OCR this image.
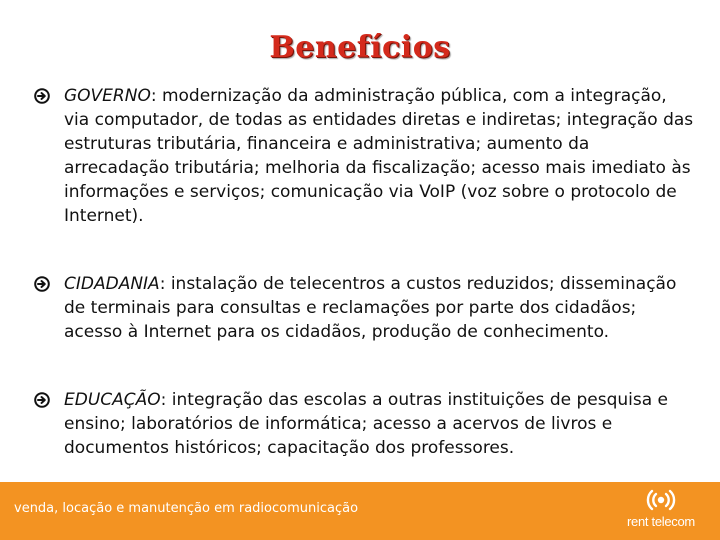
Benefícios
GOVERNO: modernização da administração pública, com a integração, via computador, de todas as entidades diretas e indiretas; integração das estruturas tributária, financeira e administrativa; aumento da arrecadação tributária; melhoria da fiscalização; acesso mais imediato às informações e serviços; comunicação via VoIP (voz sobre o protocolo de Internet).
CIDADANIA: instalação de telecentros a custos reduzidos; disseminação de terminais para consultas e reclamações por parte dos cidadãos; acesso à Internet para os cidadãos, produção de conhecimento.
EDUCAÇÃO: integração das escolas a outras instituições de pesquisa e ensino; laboratórios de informática; acesso a acervos de livros e documentos históricos; capacitação dos professores.
venda, locação e manutenção em radiocomunicação
rent telecom
